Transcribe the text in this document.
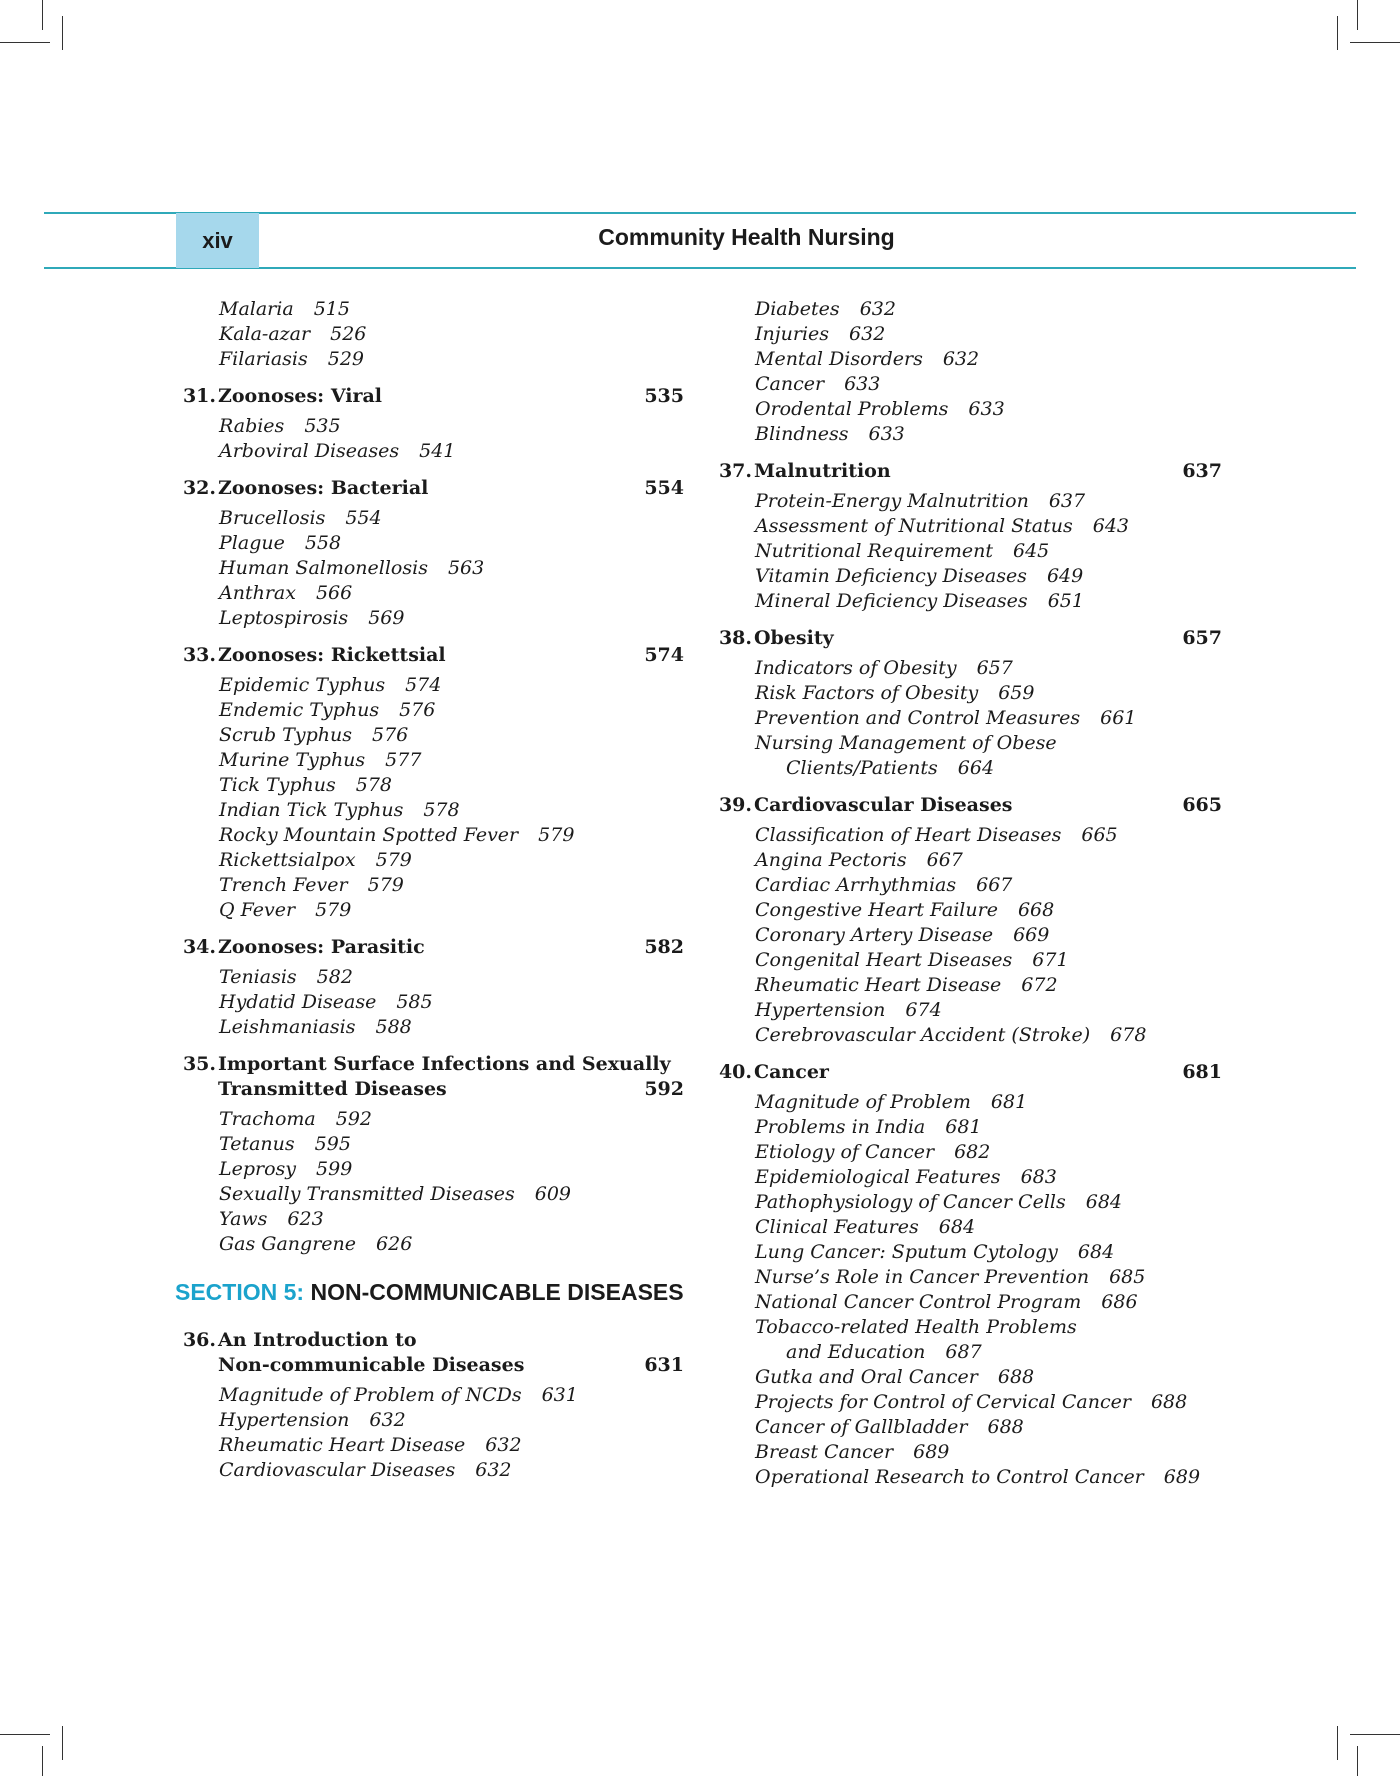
xiv	Community Health Nursing
Malaria 515
Kala-azar 526
Filariasis 529
31. Zoonoses: Viral	535
Rabies 535
Arboviral Diseases 541
32. Zoonoses: Bacterial	554
Brucellosis 554
Plague 558
Human Salmonellosis 563
Anthrax 566
Leptospirosis 569
33. Zoonoses: Rickettsial	574
Epidemic Typhus 574
Endemic Typhus 576
Scrub Typhus 576
Murine Typhus 577
Tick Typhus 578
Indian Tick Typhus 578
Rocky Mountain Spotted Fever 579
Rickettsialpox 579
Trench Fever 579
Q Fever 579
34. Zoonoses: Parasitic	582
Teniasis 582
Hydatid Disease 585
Leishmaniasis 588
35. Important Surface Infections and Sexually
Transmitted Diseases	592
Trachoma 592
Tetanus 595
Leprosy 599
Sexually Transmitted Diseases 609
Yaws 623
Gas Gangrene 626
SECTION 5: NON-COMMUNICABLE DISEASES
36. An Introduction to
Non-communicable Diseases	631
Magnitude of Problem of NCDs 631
Hypertension 632
Rheumatic Heart Disease 632
Cardiovascular Diseases 632
Diabetes 632
Injuries 632
Mental Disorders 632
Cancer 633
Orodental Problems 633
Blindness 633
37. Malnutrition	637
Protein-Energy Malnutrition 637
Assessment of Nutritional Status 643
Nutritional Requirement 645
Vitamin Deficiency Diseases 649
Mineral Deficiency Diseases 651
38. Obesity	657
Indicators of Obesity 657
Risk Factors of Obesity 659
Prevention and Control Measures 661
Nursing Management of Obese
Clients/Patients 664
39. Cardiovascular Diseases	665
Classification of Heart Diseases 665
Angina Pectoris 667
Cardiac Arrhythmias 667
Congestive Heart Failure 668
Coronary Artery Disease 669
Congenital Heart Diseases 671
Rheumatic Heart Disease 672
Hypertension 674
Cerebrovascular Accident (Stroke) 678
40. Cancer	681
Magnitude of Problem 681
Problems in India 681
Etiology of Cancer 682
Epidemiological Features 683
Pathophysiology of Cancer Cells 684
Clinical Features 684
Lung Cancer: Sputum Cytology 684
Nurse’s Role in Cancer Prevention 685
National Cancer Control Program 686
Tobacco-related Health Problems
and Education 687
Gutka and Oral Cancer 688
Projects for Control of Cervical Cancer 688
Cancer of Gallbladder 688
Breast Cancer 689
Operational Research to Control Cancer 689
